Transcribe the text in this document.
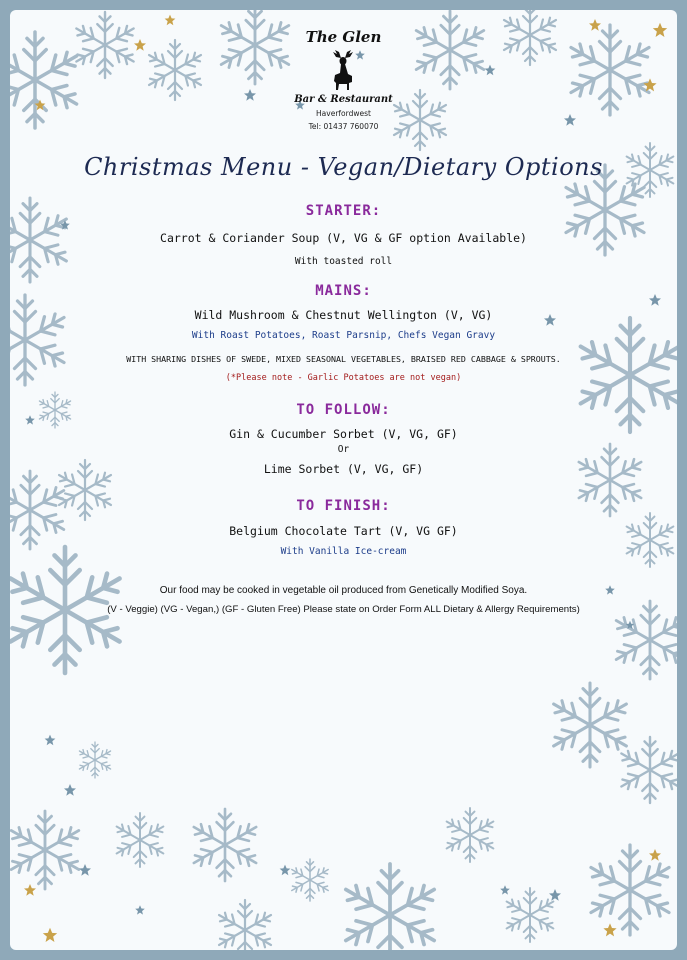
The Glen
Bar & Restaurant
Haverfordwest
Tel: 01437 760070
Christmas Menu - Vegan/Dietary Options
STARTER:
Carrot & Coriander Soup (V, VG & GF option Available)
With toasted roll
MAINS:
Wild Mushroom & Chestnut Wellington (V, VG)
With Roast Potatoes, Roast Parsnip, Chefs Vegan Gravy
WITH SHARING DISHES OF SWEDE, MIXED SEASONAL VEGETABLES, BRAISED RED CABBAGE & SPROUTS.
(*Please note - Garlic Potatoes are not vegan)
TO FOLLOW:
Gin & Cucumber Sorbet (V, VG, GF)
Or
Lime Sorbet (V, VG, GF)
TO FINISH:
Belgium Chocolate Tart (V, VG GF)
With Vanilla Ice-cream
Our food may be cooked in vegetable oil produced from Genetically Modified Soya.
(V - Veggie) (VG - Vegan,) (GF - Gluten Free) Please state on Order Form ALL Dietary & Allergy Requirements)
